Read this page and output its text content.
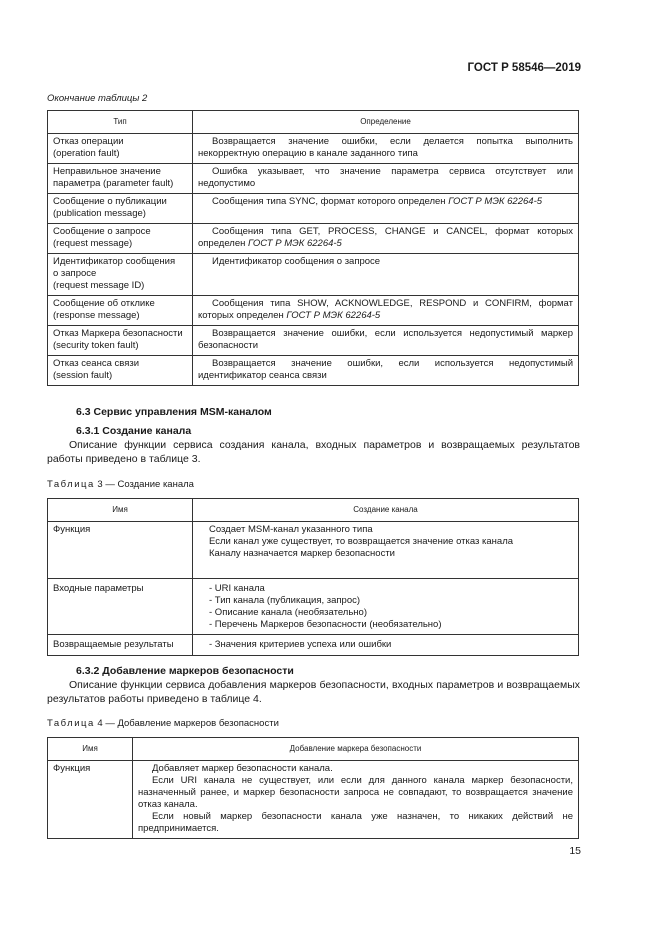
ГОСТ Р 58546—2019
Окончание таблицы 2
Тип	Определение
Отказ операции
(operation fault)	Возвращается значение ошибки, если делается попытка выполнить некорректную операцию в канале заданного типа
Неправильное значение
параметра (parameter fault)	Ошибка указывает, что значение параметра сервиса отсутствует или недопустимо
Сообщение о публикации
(publication message)	Сообщения типа SYNC, формат которого определен ГОСТ Р МЭК 62264-5
Сообщение о запросе
(request message)	Сообщения типа GET, PROCESS, CHANGE и CANCEL, формат которых определен ГОСТ Р МЭК 62264-5
Идентификатор сообщения
о запросе
(request message ID)	Идентификатор сообщения о запросе
Сообщение об отклике
(response message)	Сообщения типа SHOW, ACKNOWLEDGE, RESPOND и CONFIRM, формат которых определен ГОСТ Р МЭК 62264-5
Отказ Маркера безопасности
(security token fault)	Возвращается значение ошибки, если используется недопустимый маркер безопасности
Отказ сеанса связи
(session fault)	Возвращается значение ошибки, если используется недопустимый идентификатор сеанса связи
6.3 Сервис управления MSM-каналом
6.3.1 Создание канала
Описание функции сервиса создания канала, входных параметров и возвращаемых результатов работы приведено в таблице 3.
Таблица 3 — Создание канала
Имя	Создание канала
Функция	Создает MSM-канал указанного типа
Если канал уже существует, то возвращается значение отказ канала
Каналу назначается маркер безопасности

Входные параметры	- URI канала
- Тип канала (публикация, запрос)
- Описание канала (необязательно)
- Перечень Маркеров безопасности (необязательно)

Возвращаемые результаты	- Значения критериев успеха или ошибки
6.3.2 Добавление маркеров безопасности
Описание функции сервиса добавления маркеров безопасности, входных параметров и возвращаемых результатов работы приведено в таблице 4.
Таблица 4 — Добавление маркеров безопасности
Имя	Добавление маркера безопасности
Функция	Добавляет маркер безопасности канала.
Если URI канала не существует, или если для данного канала маркер безопасности, назначенный ранее, и маркер безопасности запроса не совпадают, то возвращается значение отказ канала.
Если новый маркер безопасности канала уже назначен, то никаких действий не предпринимается.
15
